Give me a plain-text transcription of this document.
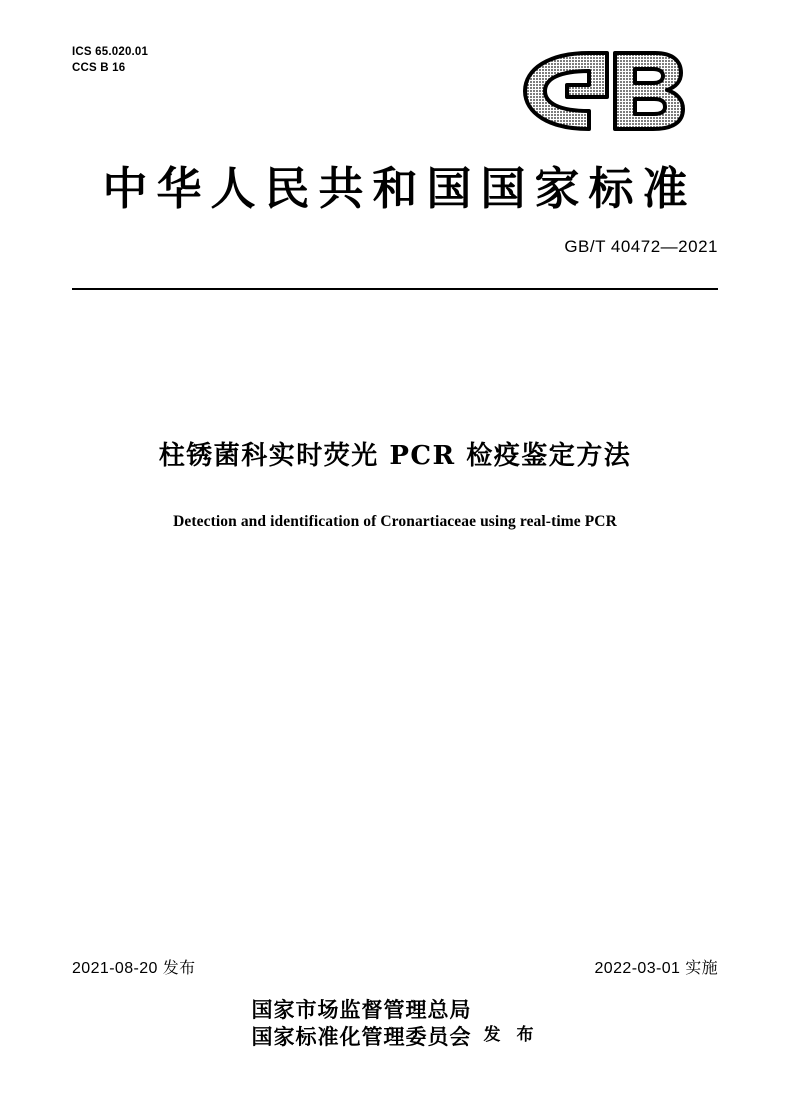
ICS 65.020.01
CCS B 16
中华人民共和国国家标准
GB/T 40472—2021
柱锈菌科实时荧光 PCR 检疫鉴定方法
Detection and identification of Cronartiaceae using real-time PCR
2021-08-20 发布	2022-03-01 实施
国家市场监督管理总局
国家标准化管理委员会 发 布
